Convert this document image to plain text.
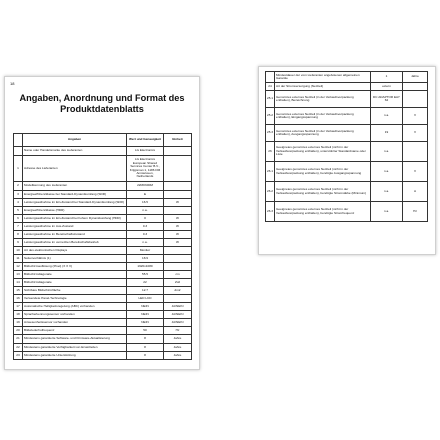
18
Angaben, Anordnung und Format des
Produktdatenblatts
	Angaben	Wert und Genauigkeit	Einheit
	Name oder Handelsmarke des Lieferanten	LG Electronics	
1	Adresse des Lieferanten	LG Electronics European Shared Services Center B.V., Krijgsman 1, 1186 DM Amstelveen, Netherlands	
2	Modellkennung des Lieferanten	22MK600M	
3	Energieeffizienzklasse bei Standard-Dynamikumfang (SDR)	E	
4	Leistungsaufnahme im Ein-Zustand bei Standard-Dynamikumfang (SDR)	16.5	W
5	Energieeffizienzklasse (HDR)	n.a.	
6	Leistungsaufnahme im Ein-Zustand bei hohem Dynamikumfang (HDR)	0	W
7	Leistungsaufnahme im Aus-Zustand	0.3	W
8	Leistungsaufnahme im Bereitschaftszustand	0.3	W
9	Leistungsaufnahme im vernetzten Bereitschaftsbetrieb	n.a.	W
10	Art des elektronischen Displays	Monitor	
11	Seitenverhältnis (1)	16:9	
12	Bildschirmauflösung (Pixel) (X X V)	1920x1080	
13	Bildschirmdiagonale	55.5	cm
14	Bildschirmdiagonale	22	Zoll
15	Sichtbare Bildschirmfläche	12.7	dm2
16	Verwendete Panel-Technologie	LED LCD	
17	Automatische Helligkeitsregelung (ABC) vorhanden	NEIN	JA/NEIN
18	Spracherkennungssensor vorhanden	NEIN	JA/NEIN
19	Anwesenheitssensor vorhanden	NEIN	JA/NEIN
20	Bildwiederholfrequenz	50	Hz
21	Mindestens garantierte Software- und Firmware-Aktualisierung	8	Jahre
22	Mindestens garantierte Verfügbarkeit von Ersatzteilen	8	Jahre
23	Mindestens garantierte Unterstützung	8	Jahre
	Mindestdauer der vom Lieferanten angebotenen allgemeinen Garantie	1	Jahre
24	Art der Stromversorgung (Netzteil)	extern	
25.1	Genormtes externes Netzteil (in der Verkaufsverpackung enthalten), Bezeichnung	DC ADAPTOR EAY 62	
25.2	Genormtes externes Netzteil (in der Verkaufsverpackung enthalten), Eingangsspannung	n.a.	V
25.3	Genormtes externes Netzteil (in der Verkaufsverpackung enthalten), Ausgangsspannung	19	V
26	Geeignetes genormtes externes Netzteil (nicht in der Verkaufsverpackung enthalten), unterstützter Standardname oder Liste	n.a.	
26.1	Geeignetes genormtes externes Netzteil (nicht in der Verkaufsverpackung enthalten), benötigte Ausgangsspannung	n.a.	V
26.2	Geeignetes genormtes externes Netzteil (nicht in der Verkaufsverpackung enthalten), benötigte Stromstärke (Minimum)	n.a.	A
26.3	Geeignetes genormtes externes Netzteil (nicht in der Verkaufsverpackung enthalten), benötigte Stromfrequenz	n.a.	Hz
